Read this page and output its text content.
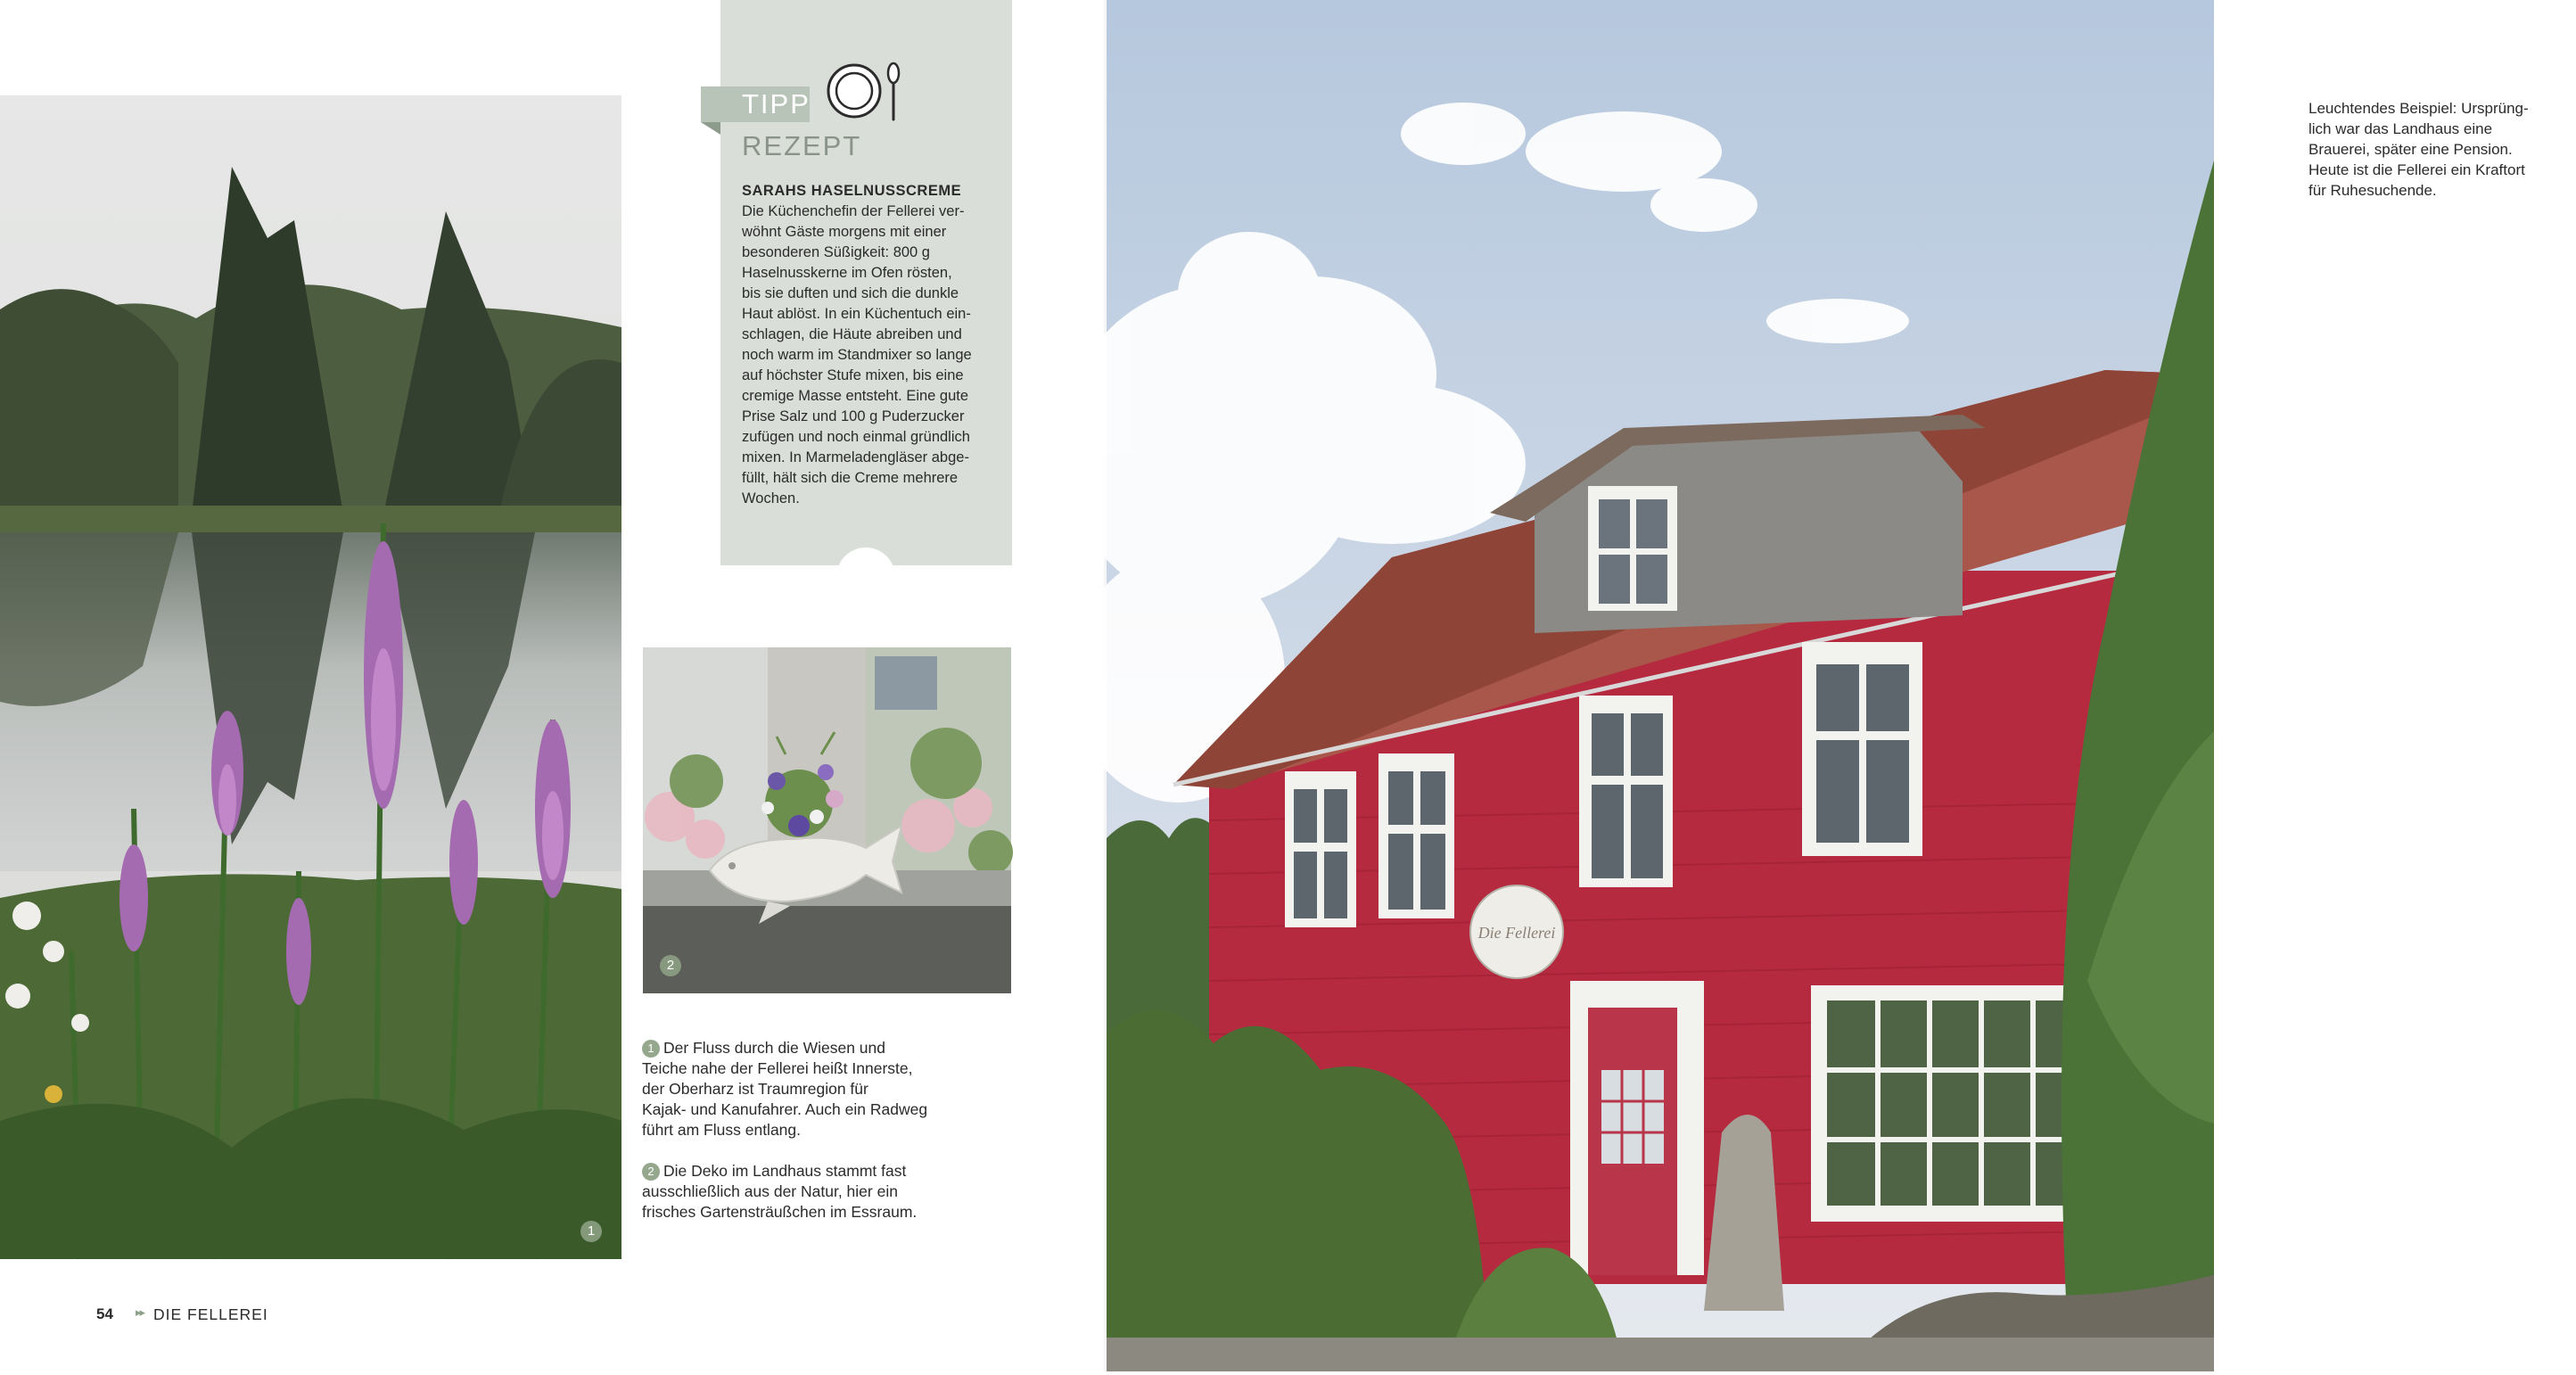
1
TIPP
REZEPT
SARAHS HASELNUSSCREME

Die Küchenchefin der Fellerei ver-
wöhnt Gäste morgens mit einer
besonderen Süßigkeit: 800 g
Haselnusskerne im Ofen rösten,
bis sie duften und sich die dunkle
Haut ablöst. In ein Küchentuch ein-
schlagen, die Häute abreiben und
noch warm im Standmixer so lange
auf höchster Stufe mixen, bis eine
cremige Masse entsteht. Eine gute
Prise Salz und 100 g Puderzucker
zufügen und noch einmal gründlich
mixen. In Marmeladengläser abge-
füllt, hält sich die Creme mehrere
Wochen.

2

1 Der Fluss durch die Wiesen und
Teiche nahe der Fellerei heißt Innerste,
der Oberharz ist Traumregion für
Kajak- und Kanufahrer. Auch ein Radweg
führt am Fluss entlang.

2 Die Deko im Landhaus stammt fast
ausschließlich aus der Natur, hier ein
frisches Gartensträußchen im Essraum.

54 ▸▸ DIE FELLEREI
Die Fellerei

Leuchtendes Beispiel: Ursprüng-
lich war das Landhaus eine
Brauerei, später eine Pension.
Heute ist die Fellerei ein Kraftort
für Ruhesuchende.
